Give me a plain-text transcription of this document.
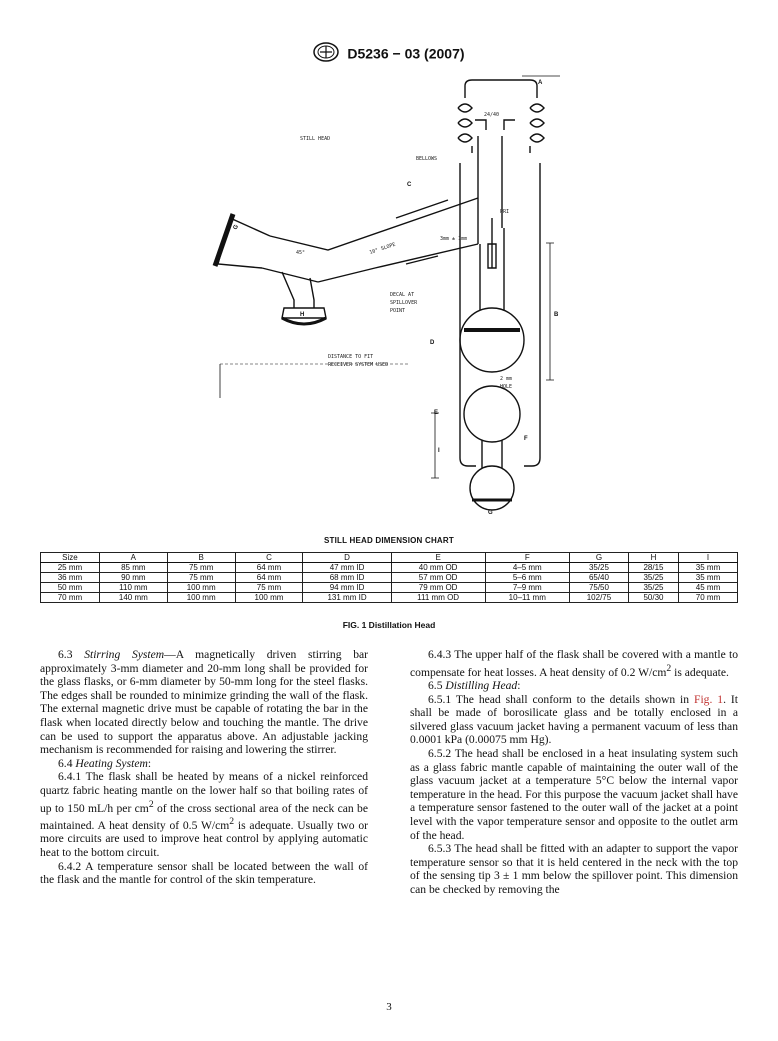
D5236 − 03 (2007)
STILL HEAD
24/40
BELLOWS
PRI
3mm ± 1mm
10° SLOPE
45°
DECAL AT
SPILLOVER
POINT
DISTANCE TO FIT
RECEIVER SYSTEM USED
2 mm
HOLE
A
B
C
D
E
F
G
G
H
I
STILL HEAD DIMENSION CHART
Size	A	B	C	D	E	F	G	H	I
25 mm	85 mm	75 mm	64 mm	47 mm ID	40 mm OD	4–5 mm	35/25	28/15	35 mm
36 mm	90 mm	75 mm	64 mm	68 mm ID	57 mm OD	5–6 mm	65/40	35/25	35 mm
50 mm	110 mm	100 mm	75 mm	94 mm ID	79 mm OD	7–9 mm	75/50	35/25	45 mm
70 mm	140 mm	100 mm	100 mm	131 mm ID	111 mm OD	10–11 mm	102/75	50/30	70 mm
FIG. 1 Distillation Head

6.3 Stirring System—A magnetically driven stirring bar approximately 3-mm diameter and 20-mm long shall be provided for the glass flasks, or 6-mm diameter by 50-mm long for the steel flasks. The edges shall be rounded to minimize grinding the wall of the flask. The external magnetic drive must be capable of rotating the bar in the flask when located directly below and touching the mantle. The drive can be used to support the apparatus above. An adjustable jacking mechanism is recommended for raising and lowering the stirrer.

6.4 Heating System:

6.4.1 The flask shall be heated by means of a nickel reinforced quartz fabric heating mantle on the lower half so that boiling rates of up to 150 mL/h per $cm^2$ of the cross sectional area of the neck can be maintained. A heat density of 0.5 $W/cm^2$ is adequate. Usually two or more circuits are used to improve heat control by applying automatic heat to the bottom circuit.

6.4.2 A temperature sensor shall be located between the wall of the flask and the mantle for control of the skin temperature.

6.4.3 The upper half of the flask shall be covered with a mantle to compensate for heat losses. A heat density of 0.2 $W/cm^2$ is adequate.

6.5 Distilling Head:

6.5.1 The head shall conform to the details shown in Fig. 1. It shall be made of borosilicate glass and be totally enclosed in a silvered glass vacuum jacket having a permanent vacuum of less than 0.0001 kPa (0.00075 mm Hg).

6.5.2 The head shall be enclosed in a heat insulating system such as a glass fabric mantle capable of maintaining the outer wall of the glass vacuum jacket at a temperature 5°C below the internal vapor temperature in the head. For this purpose the vacuum jacket shall have a temperature sensor fastened to the outer wall of the jacket at a point level with the vapor temperature sensor and opposite to the outlet arm of the head.

6.5.3 The head shall be fitted with an adapter to support the vapor temperature sensor so that it is held centered in the neck with the top of the sensing tip 3 ± 1 mm below the spillover point. This dimension can be checked by removing the

3
